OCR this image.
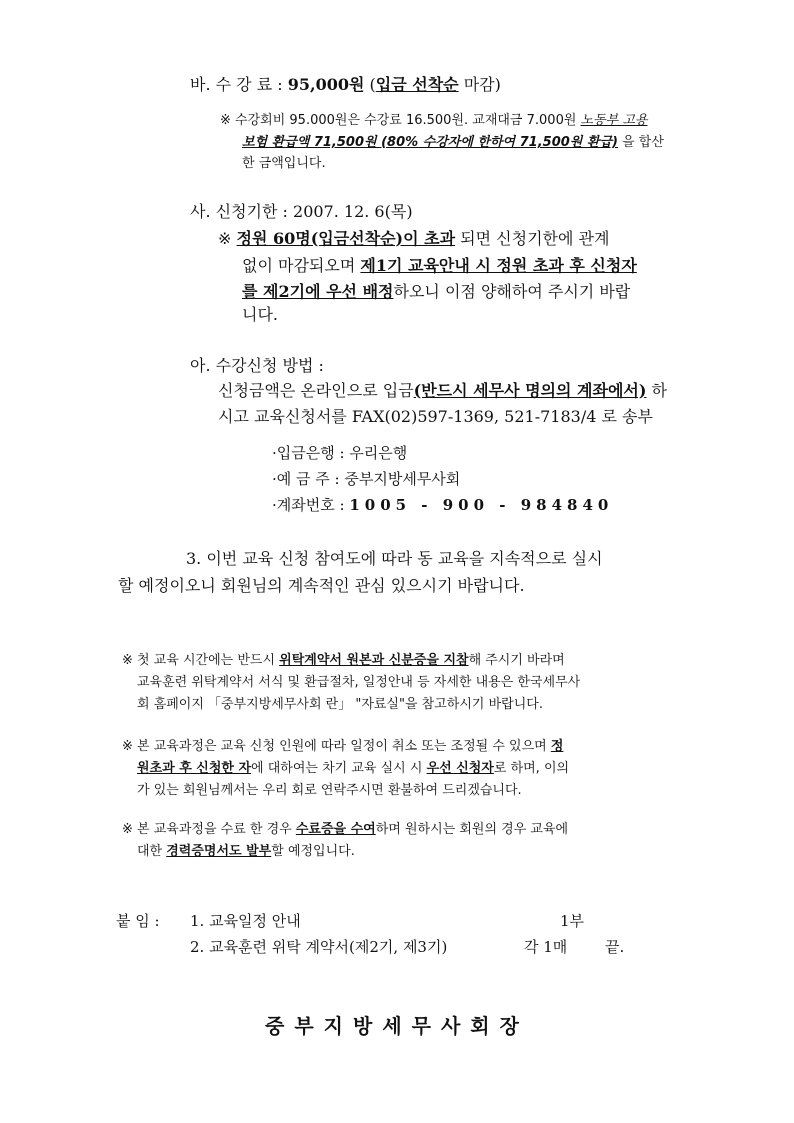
바. 수 강 료 : 95,000원 (입금 선착순 마감)
※ 수강회비 95.000원은 수강료 16.500원. 교재대금 7.000원 노동부 고용
보험 환급액 71,500원 (80% 수강자에 한하여 71,500원 환급) 을 합산
한 금액입니다.
사. 신청기한 : 2007. 12. 6(목)
※ 정원 60명(입금선착순)이 초과 되면 신청기한에 관계
없이 마감되오며 제1기 교육안내 시 정원 초과 후 신청자
를 제2기에 우선 배정하오니 이점 양해하여 주시기 바랍
니다.
아. 수강신청 방법 :
신청금액은 온라인으로 입금(반드시 세무사 명의의 계좌에서) 하
시고 교육신청서를 FAX(02)597-1369, 521-7183/4 로 송부
·입금은행 : 우리은행
·예 금 주 : 중부지방세무사회
·계좌번호 : 1005 - 900 - 984840
3. 이번 교육 신청 참여도에 따라 동 교육을 지속적으로 실시
할 예정이오니 회원님의 계속적인 관심 있으시기 바랍니다.
※ 첫 교육 시간에는 반드시 위탁계약서 원본과 신분증을 지참해 주시기 바라며
교육훈련 위탁계약서 서식 및 환급절차, 일정안내 등 자세한 내용은 한국세무사
회 홈페이지 「중부지방세무사회 란」 "자료실"을 참고하시기 바랍니다.
※ 본 교육과정은 교육 신청 인원에 따라 일정이 취소 또는 조정될 수 있으며 정
원초과 후 신청한 자에 대하여는 차기 교육 실시 시 우선 신청자로 하며, 이의
가 있는 회원님께서는 우리 회로 연락주시면 환불하여 드리겠습니다.
※ 본 교육과정을 수료 한 경우 수료증을 수여하며 원하시는 회원의 경우 교육에
대한 경력증명서도 발부할 예정입니다.
붙 임 : 1. 교육일정 안내	1부
2. 교육훈련 위탁 계약서(제2기, 제3기)	각 1매	끝.
중부지방세무사회장
